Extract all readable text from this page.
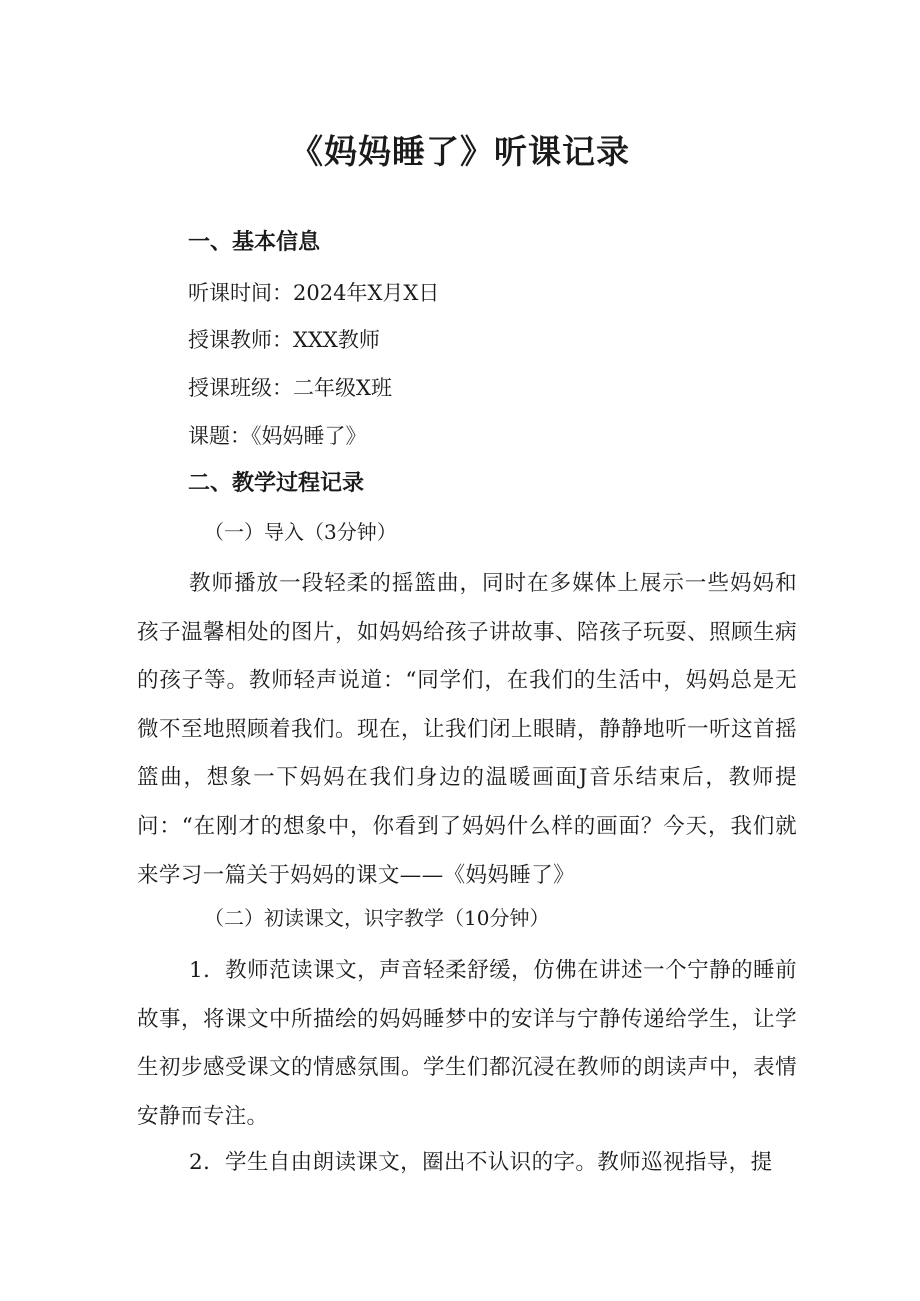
《妈妈睡了》听课记录

一、基本信息

听课时间：2024年X月X日

授课教师：XXX教师

授课班级：二年级X班

课题：《妈妈睡了》

二、教学过程记录

（一）导入（3分钟）

教师播放一段轻柔的摇篮曲，同时在多媒体上展示一些妈妈和孩子温馨相处的图片，如妈妈给孩子讲故事、陪孩子玩耍、照顾生病的孩子等。教师轻声说道：“同学们，在我们的生活中，妈妈总是无微不至地照顾着我们。现在，让我们闭上眼睛，静静地听一听这首摇篮曲，想象一下妈妈在我们身边的温暖画面J音乐结束后，教师提问：“在刚才的想象中，你看到了妈妈什么样的画面？今天，我们就来学习一篇关于妈妈的课文——《妈妈睡了》

（二）初读课文，识字教学（10分钟）

1．教师范读课文，声音轻柔舒缓，仿佛在讲述一个宁静的睡前故事，将课文中所描绘的妈妈睡梦中的安详与宁静传递给学生，让学生初步感受课文的情感氛围。学生们都沉浸在教师的朗读声中，表情安静而专注。

2．学生自由朗读课文，圈出不认识的字。教师巡视指导，提
